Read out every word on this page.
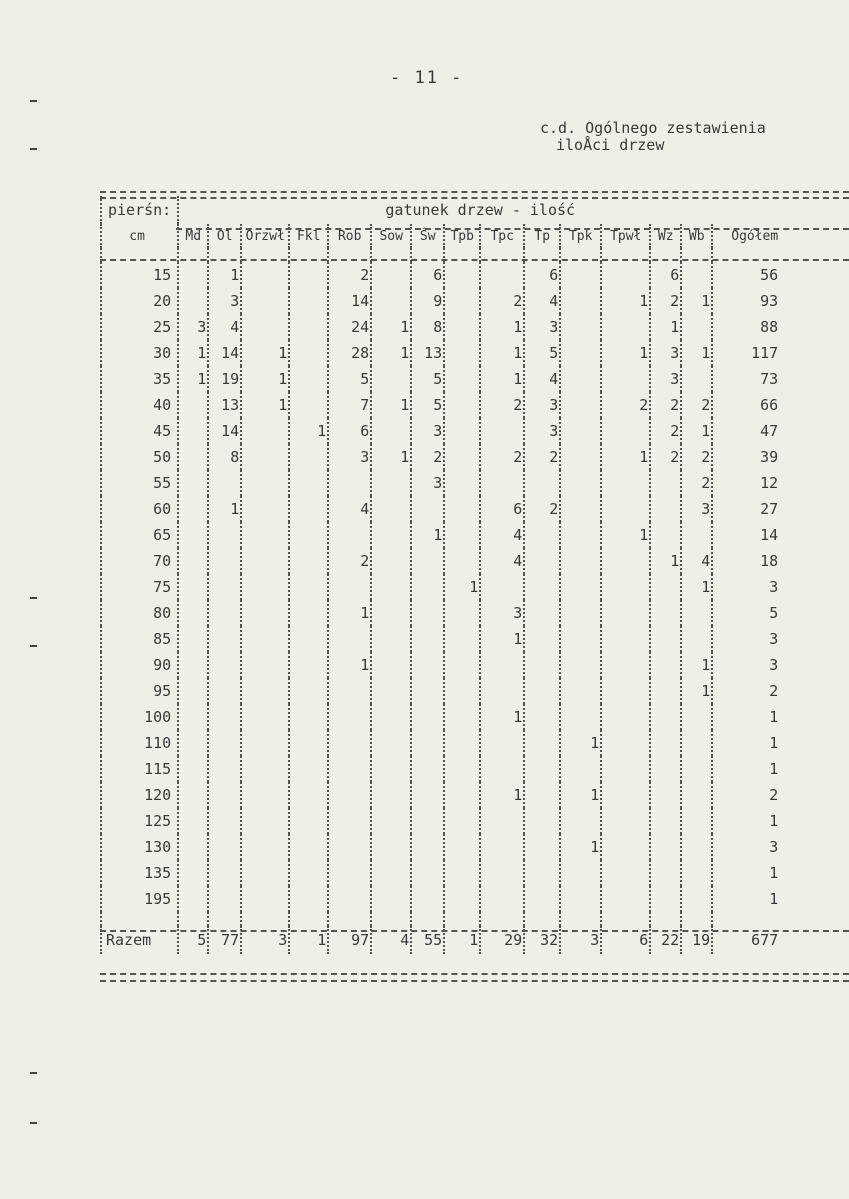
- 11 -
c.d. Ogólnego zestawienia
iloÅci drzew
pierśn:	gatunek drzew - ilość														
cm	Md	Ol	Orzwł	Fkl	Rob	Sow	Św	Tpb	Tpc	Tp	Tpk	Tpwł	Wz	Wb	Ogółem

15		1			2		6			6			6		56
20		3			14		9		2	4		1	2	1	93
25	3	4			24	1	8		1	3			1		88
30	1	14	1		28	1	13		1	5		1	3	1	117
35	1	19	1		5		5		1	4			3		73
40		13	1		7	1	5		2	3		2	2	2	66
45		14		1	6		3			3			2	1	47
50		8			3	1	2		2	2		1	2	2	39
55							3							2	12
60		1			4				6	2				3	27
65							1		4			1			14
70					2				4				1	4	18
75								1						1	3
80					1				3						5
85									1						3
90					1									1	3
95														1	2
100									1						1
110											1				1
115															1
120									1		1				2
125															1
130											1				3
135															1
195															1

Razem	5	77	3	1	97	4	55	1	29	32	3	6	22	19	677
